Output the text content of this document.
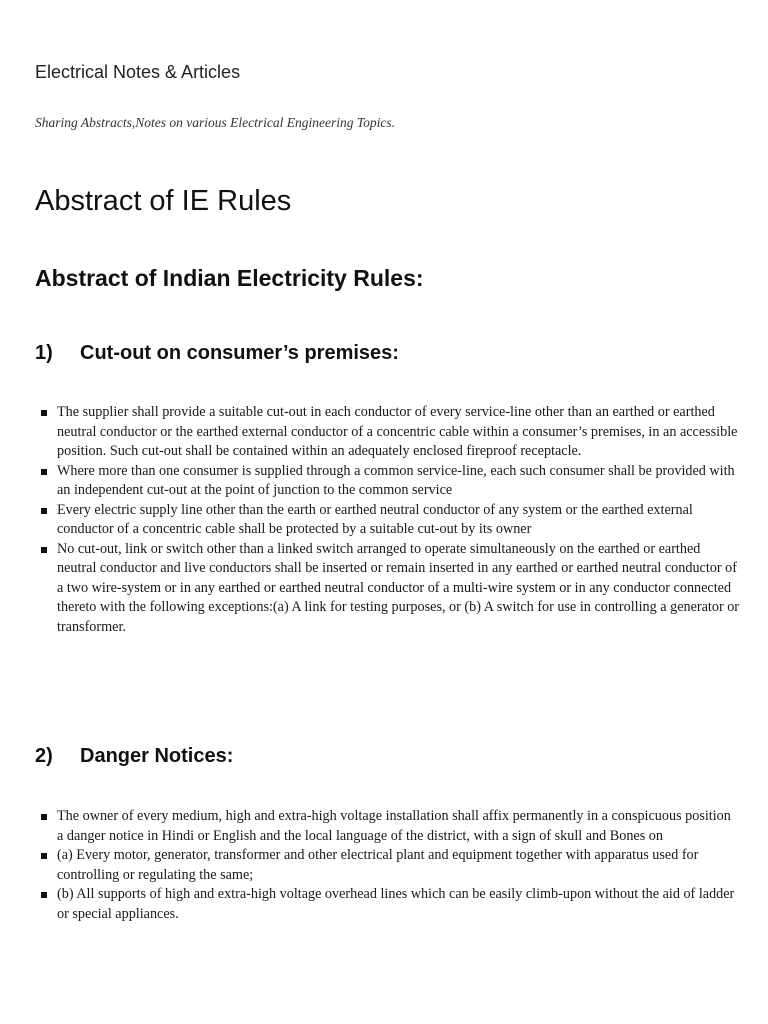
Electrical Notes & Articles

Sharing Abstracts,Notes on various Electrical Engineering Topics.

Abstract of IE Rules
Abstract of Indian Electricity Rules:
1) Cut-out on consumer’s premises:
The supplier shall provide a suitable cut-out in each conductor of every service-line other than an earthed or earthed neutral conductor or the earthed external conductor of a concentric cable within a consumer’s premises, in an accessible position. Such cut-out shall be contained within an adequately enclosed fireproof receptacle.
Where more than one consumer is supplied through a common service-line, each such consumer shall be provided with an independent cut-out at the point of junction to the common service
Every electric supply line other than the earth or earthed neutral conductor of any system or the earthed external conductor of a concentric cable shall be protected by a suitable cut-out by its owner
No cut-out, link or switch other than a linked switch arranged to operate simultaneously on the earthed or earthed neutral conductor and live conductors shall be inserted or remain inserted in any earthed or earthed neutral conductor of a two wire-system or in any earthed or earthed neutral conductor of a multi-wire system or in any conductor connected thereto with the following exceptions:(a) A link for testing purposes, or (b) A switch for use in controlling a generator or transformer.
2) Danger Notices:
The owner of every medium, high and extra-high voltage installation shall affix permanently in a conspicuous position a danger notice in Hindi or English and the local language of the district, with a sign of skull and Bones on
(a) Every motor, generator, transformer and other electrical plant and equipment together with apparatus used for controlling or regulating the same;
(b) All supports of high and extra-high voltage overhead lines which can be easily climb-upon without the aid of ladder or special appliances.
